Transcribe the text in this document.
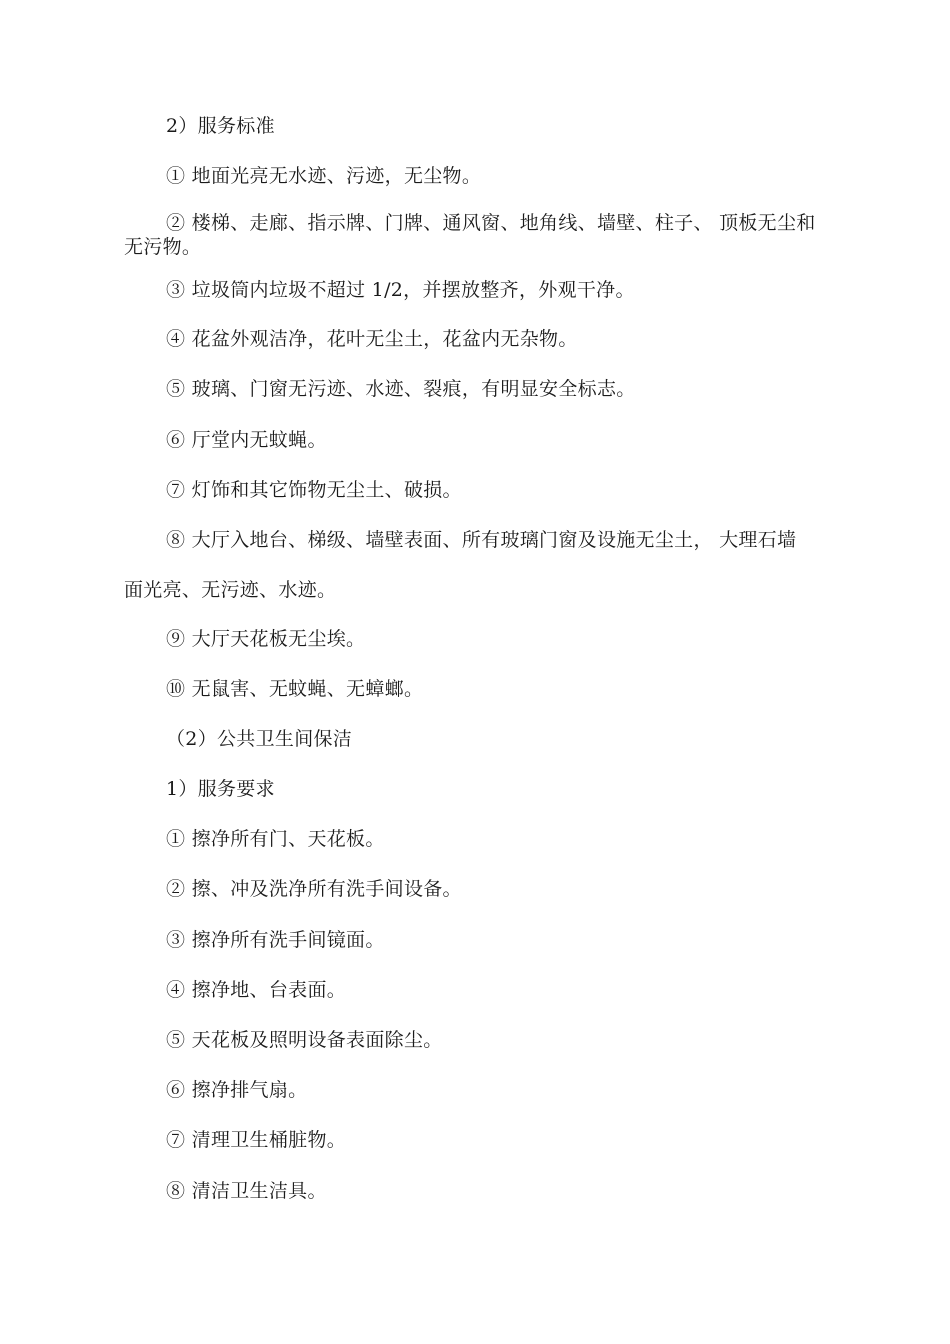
2）服务标准
① 地面光亮无水迹、污迹，无尘物。
② 楼梯、走廊、指示牌、门牌、通风窗、地角线、墙壁、柱子、 顶板无尘和无污物。
③ 垃圾筒内垃圾不超过 1/2，并摆放整齐，外观干净。
④ 花盆外观洁净，花叶无尘土，花盆内无杂物。
⑤ 玻璃、门窗无污迹、水迹、裂痕，有明显安全标志。
⑥ 厅堂内无蚊蝇。
⑦ 灯饰和其它饰物无尘土、破损。
⑧ 大厅入地台、梯级、墙壁表面、所有玻璃门窗及设施无尘土， 大理石墙
面光亮、无污迹、水迹。
⑨ 大厅天花板无尘埃。
⑩ 无鼠害、无蚊蝇、无蟑螂。
（2）公共卫生间保洁
1）服务要求
① 擦净所有门、天花板。
② 擦、冲及洗净所有洗手间设备。
③ 擦净所有洗手间镜面。
④ 擦净地、台表面。
⑤ 天花板及照明设备表面除尘。
⑥ 擦净排气扇。
⑦ 清理卫生桶脏物。
⑧ 清洁卫生洁具。
